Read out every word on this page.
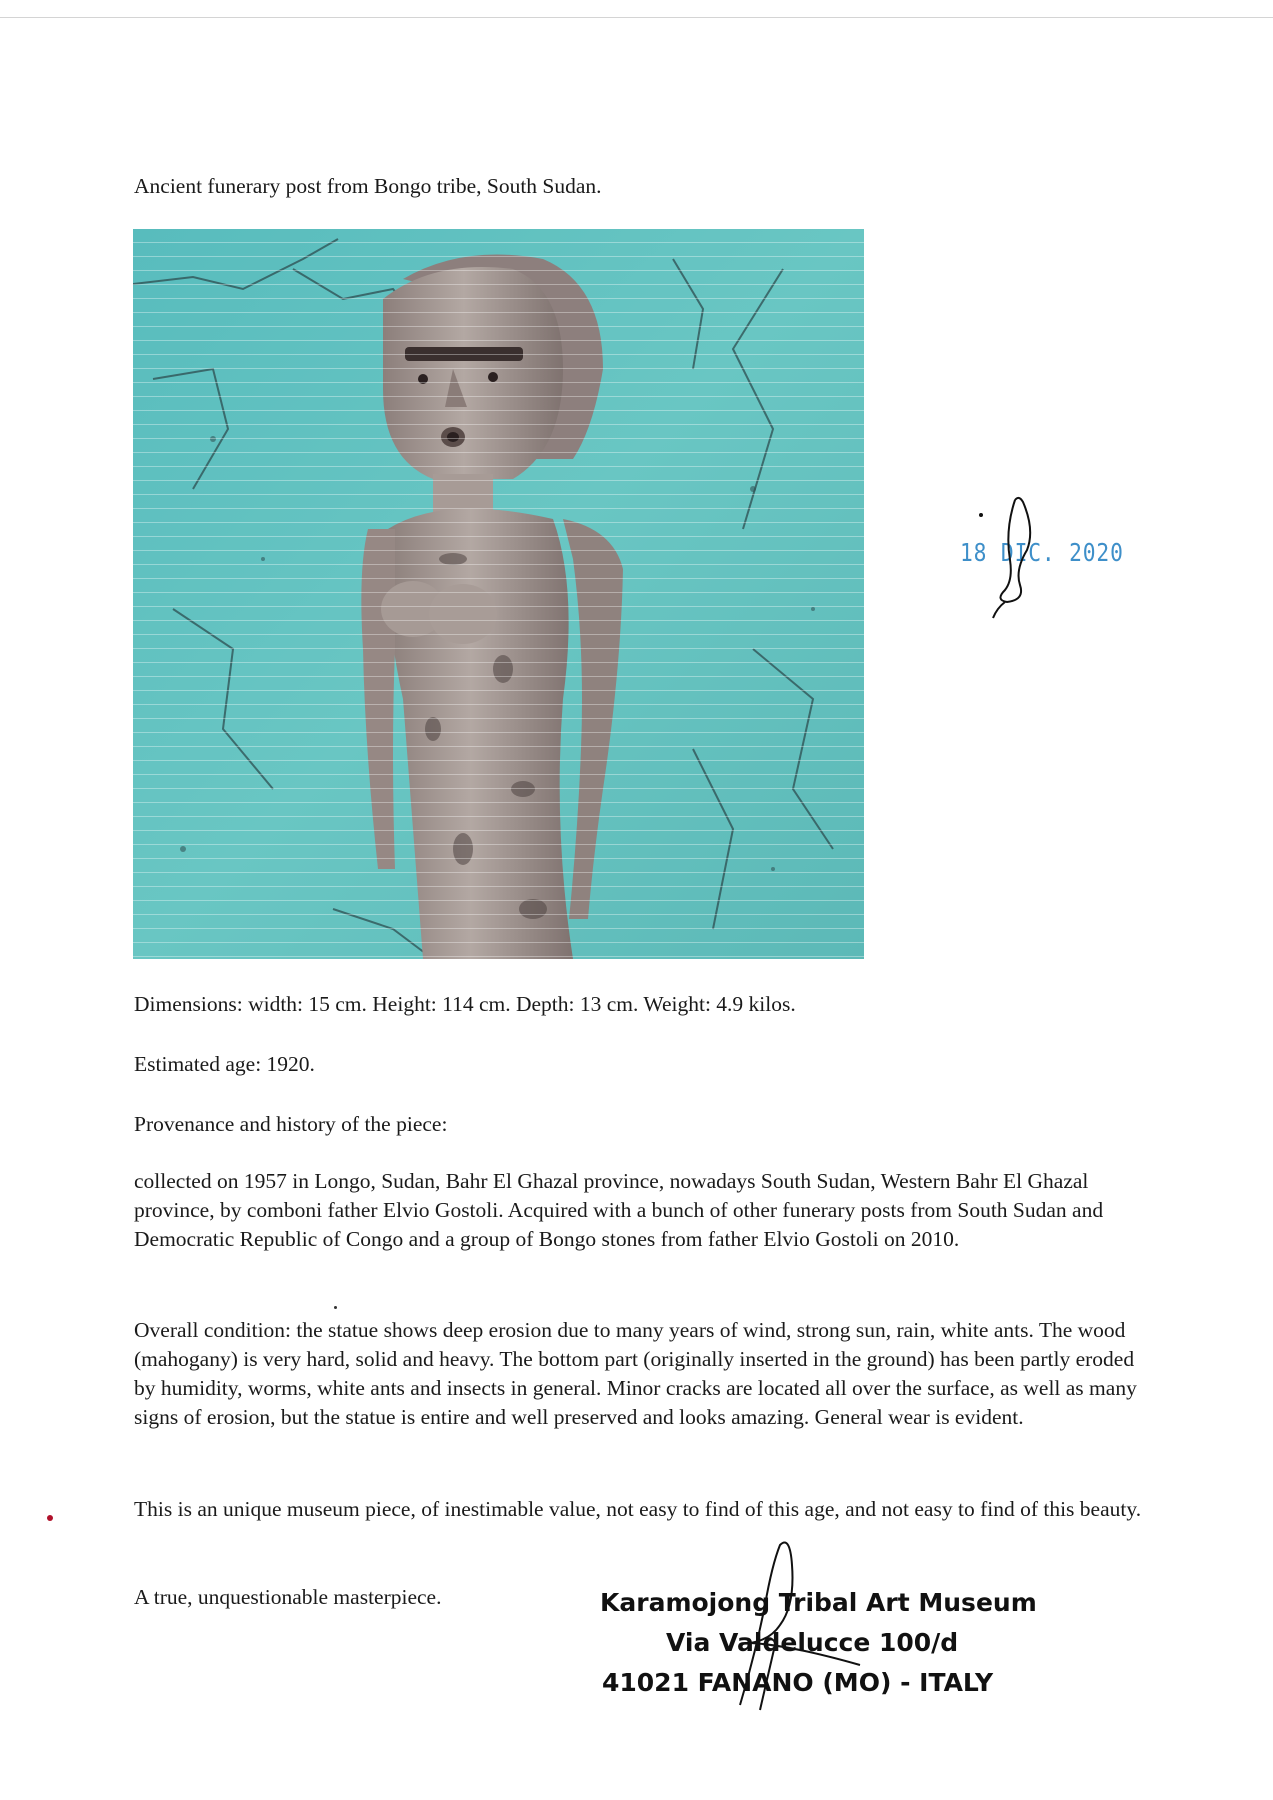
Ancient funerary post from Bongo tribe, South Sudan.

Dimensions: width: 15 cm. Height: 114 cm. Depth: 13 cm. Weight: 4.9 kilos.

Estimated age: 1920.

Provenance and history of the piece:

collected on 1957 in Longo, Sudan, Bahr El Ghazal province, nowadays South Sudan, Western Bahr El Ghazal province, by comboni father Elvio Gostoli. Acquired with a bunch of other funerary posts from South Sudan and Democratic Republic of Congo and a group of Bongo stones from father Elvio Gostoli on 2010.

Overall condition: the statue shows deep erosion due to many years of wind, strong sun, rain, white ants. The wood (mahogany) is very hard, solid and heavy. The bottom part (originally inserted in the ground) has been partly eroded by humidity, worms, white ants and insects in general. Minor cracks are located all over the surface, as well as many signs of erosion, but the statue is entire and well preserved and looks amazing. General wear is evident.

This is an unique museum piece, of inestimable value, not easy to find of this age, and not easy to find of this beauty.

A true, unquestionable masterpiece.

18 DIC. 2020
Karamojong Tribal Art Museum
Via Valdelucce 100/d
41021 FANANO (MO) - ITALY
